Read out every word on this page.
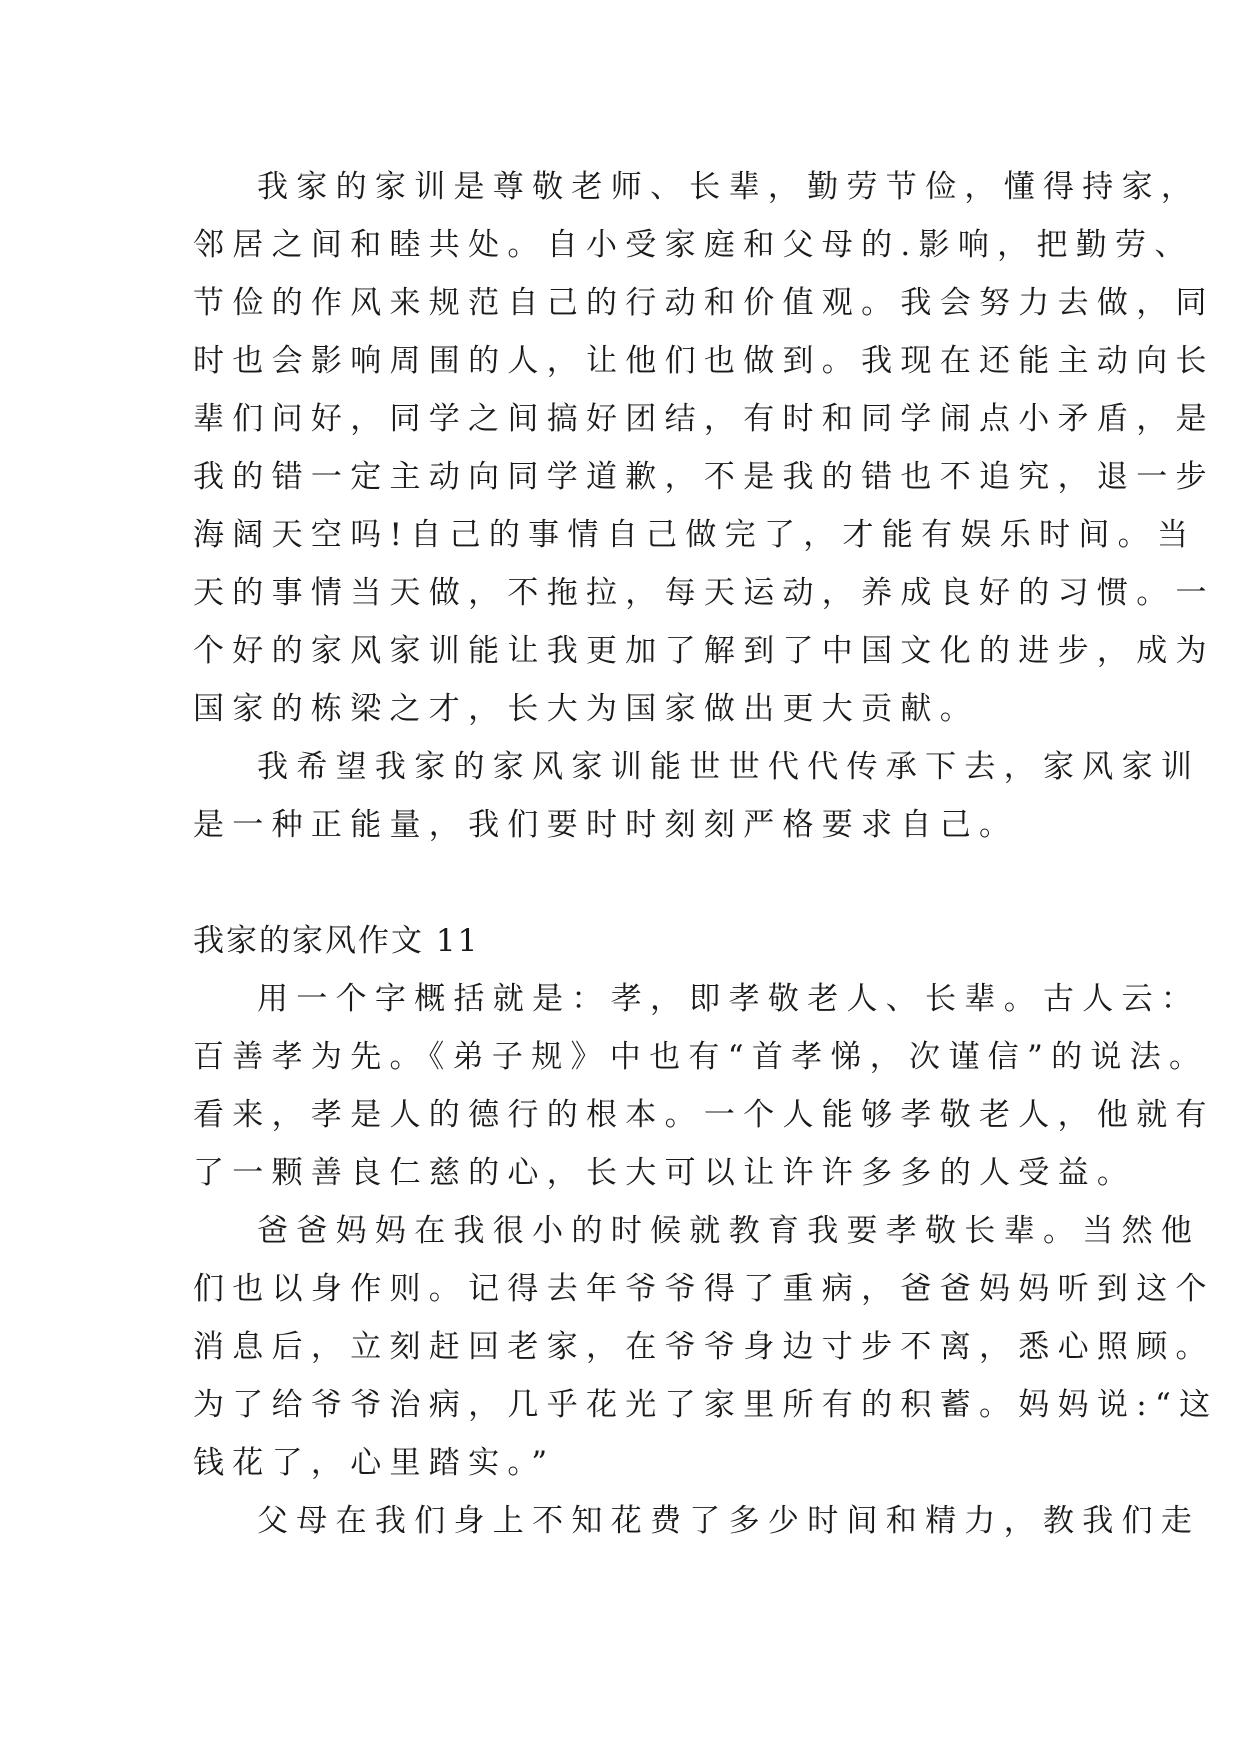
我家的家训是尊敬老师、长辈，勤劳节俭，懂得持家，
邻居之间和睦共处。自小受家庭和父母的.影响，把勤劳、
节俭的作风来规范自己的行动和价值观。我会努力去做，同
时也会影响周围的人，让他们也做到。我现在还能主动向长
辈们问好，同学之间搞好团结，有时和同学闹点小矛盾，是
我的错一定主动向同学道歉，不是我的错也不追究，退一步
海阔天空吗!自己的事情自己做完了，才能有娱乐时间。当
天的事情当天做，不拖拉，每天运动，养成良好的习惯。一
个好的家风家训能让我更加了解到了中国文化的进步，成为
国家的栋梁之才，长大为国家做出更大贡献。
我希望我家的家风家训能世世代代传承下去，家风家训
是一种正能量，我们要时时刻刻严格要求自己。
我家的家风作文 11
用一个字概括就是：孝，即孝敬老人、长辈。古人云：
百善孝为先。《弟子规》中也有“首孝悌，次谨信”的说法。
看来，孝是人的德行的根本。一个人能够孝敬老人，他就有
了一颗善良仁慈的心，长大可以让许许多多的人受益。
爸爸妈妈在我很小的时候就教育我要孝敬长辈。当然他
们也以身作则。记得去年爷爷得了重病，爸爸妈妈听到这个
消息后，立刻赶回老家，在爷爷身边寸步不离，悉心照顾。
为了给爷爷治病，几乎花光了家里所有的积蓄。妈妈说:“这
钱花了，心里踏实。”
父母在我们身上不知花费了多少时间和精力，教我们走
